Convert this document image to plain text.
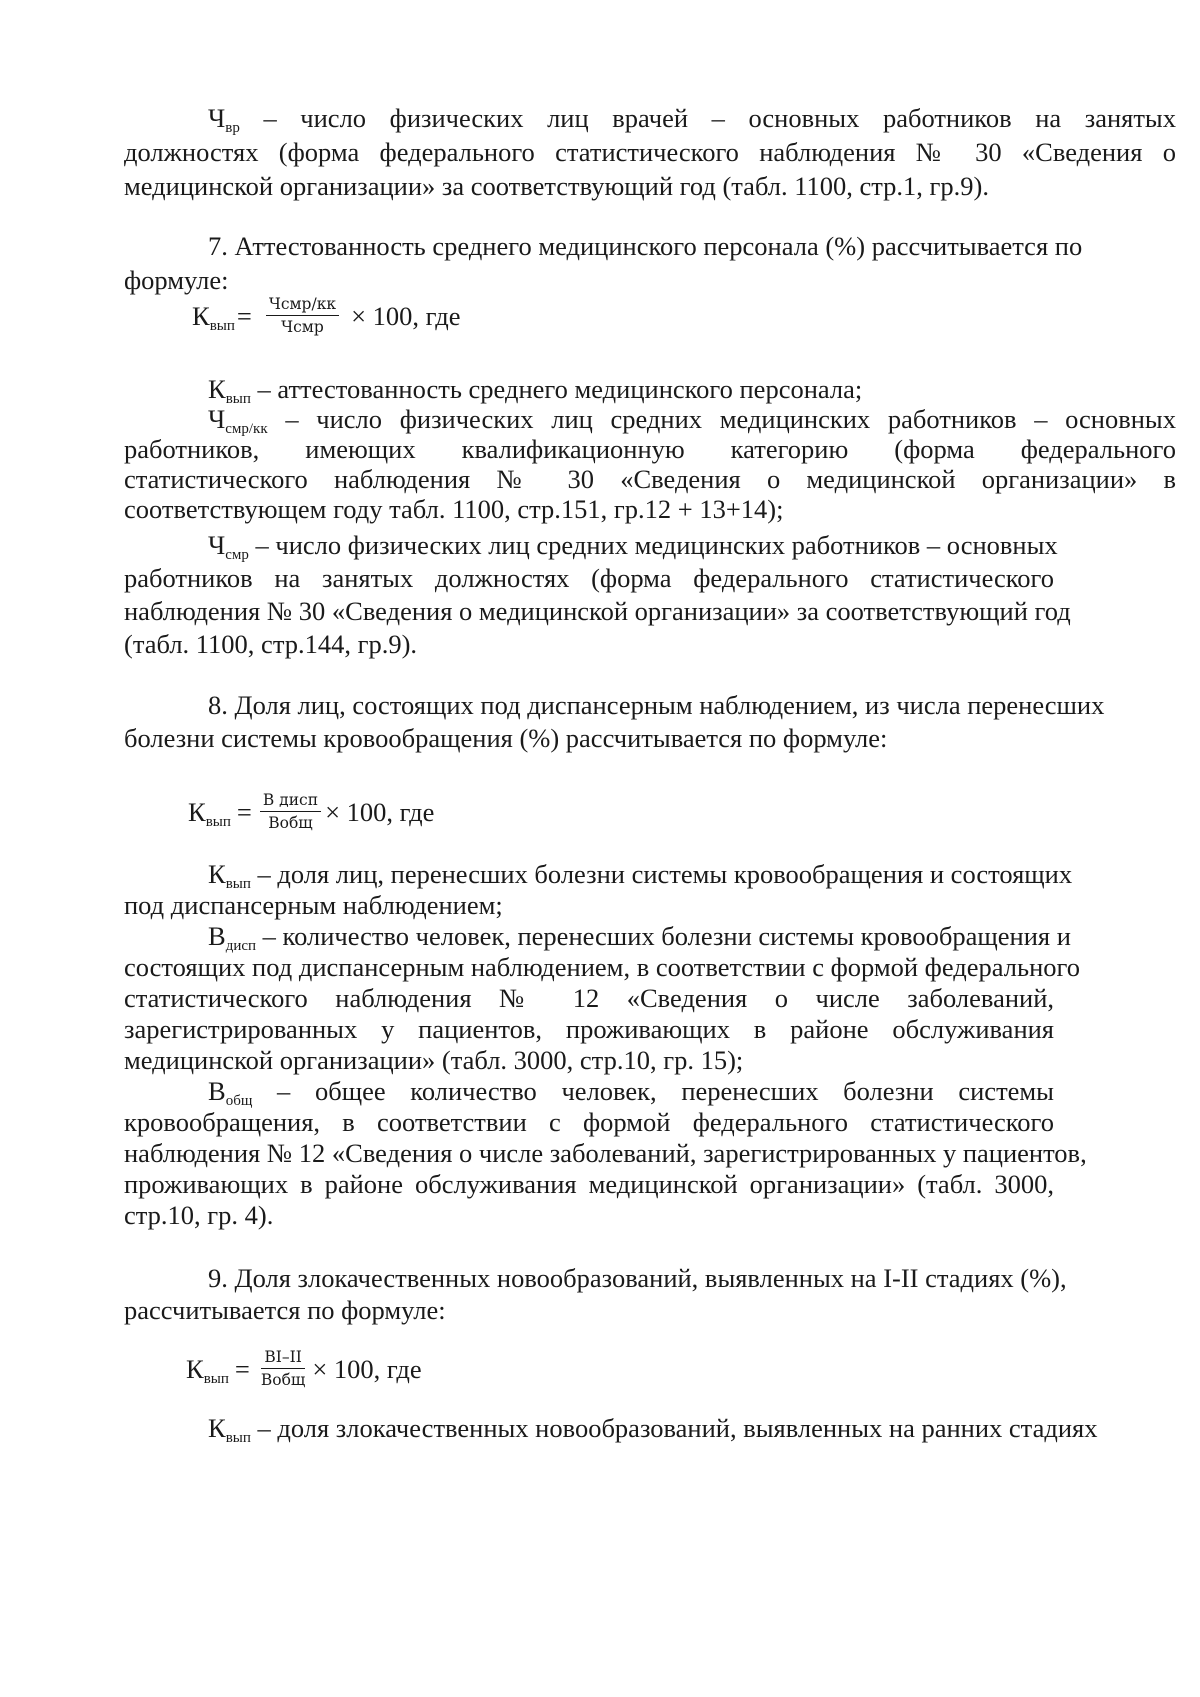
$Ч_{вр}$ – число физических лиц врачей – основных работников на занятых
должностях (форма федерального статистического наблюдения № 30 «Сведения о
медицинской организации» за соответствующий год (табл. 1100, стр.1, гр.9).
7. Аттестованность среднего медицинского персонала (%) рассчитывается по
формуле:
$К_{вып}= \frac{\text{Чсмр/кк}}{\text{Чсмр}} \times 100$, где
$К_{вып}$ – аттестованность среднего медицинского персонала;
$Ч_{смр/кк}$ – число физических лиц средних медицинских работников – основных
работников, имеющих квалификационную категорию (форма федерального
статистического наблюдения № 30 «Сведения о медицинской организации» в
соответствующем году табл. 1100, стр.151, гр.12 + 13+14);
$Ч_{смр}$ – число физических лиц средних медицинских работников – основных
работников на занятых должностях (форма федерального статистического
наблюдения № 30 «Сведения о медицинской организации» за соответствующий год
(табл. 1100, стр.144, гр.9).
8. Доля лиц, состоящих под диспансерным наблюдением, из числа перенесших
болезни системы кровообращения (%) рассчитывается по формуле:
$К_{вып} = \frac{\text{В дисп}}{\text{Вобщ}} \times 100$, где
$К_{вып}$ – доля лиц, перенесших болезни системы кровообращения и состоящих
под диспансерным наблюдением;
$В_{дисп}$ – количество человек, перенесших болезни системы кровообращения и
состоящих под диспансерным наблюдением, в соответствии с формой федерального
статистического наблюдения № 12 «Сведения о числе заболеваний,
зарегистрированных у пациентов, проживающих в районе обслуживания
медицинской организации» (табл. 3000, стр.10, гр. 15);
$В_{общ}$ – общее количество человек, перенесших болезни системы
кровообращения, в соответствии с формой федерального статистического
наблюдения № 12 «Сведения о числе заболеваний, зарегистрированных у пациентов,
проживающих в районе обслуживания медицинской организации» (табл. 3000,
стр.10, гр. 4).
9. Доля злокачественных новообразований, выявленных на I-II стадиях (%),
рассчитывается по формуле:
$К_{вып} = \frac{ВI-II}{\text{Вобщ}} \times 100$, где
$К_{вып}$ – доля злокачественных новообразований, выявленных на ранних стадиях
